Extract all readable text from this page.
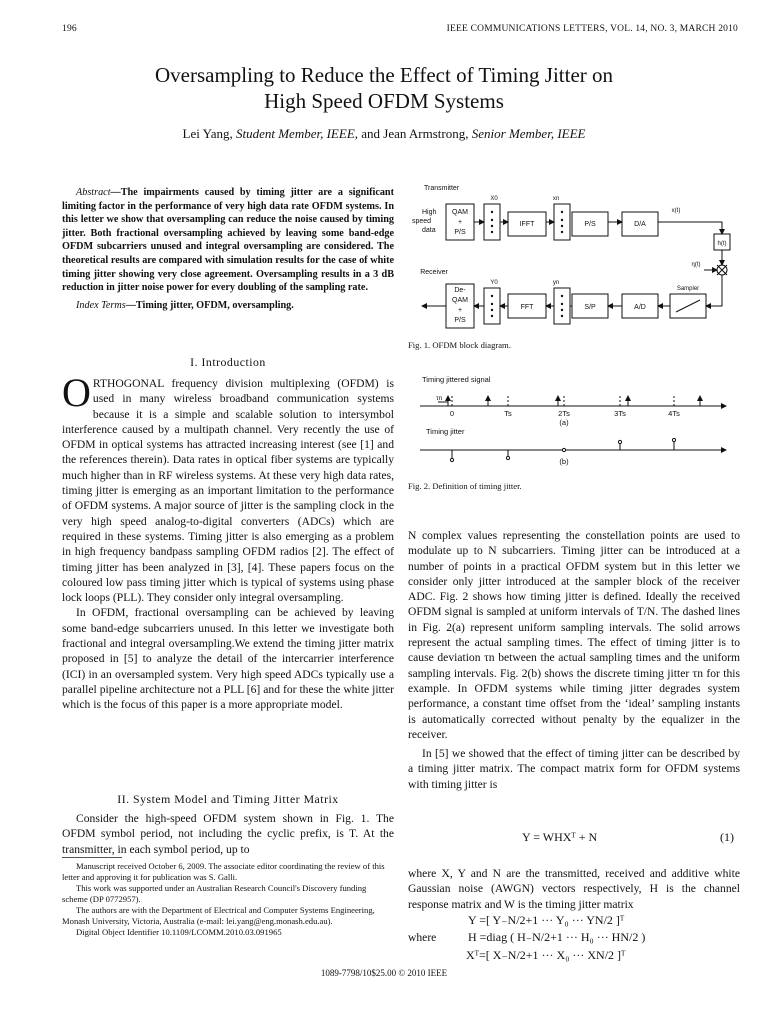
196	IEEE COMMUNICATIONS LETTERS, VOL. 14, NO. 3, MARCH 2010
Oversampling to Reduce the Effect of Timing Jitter on
High Speed OFDM Systems
Lei Yang, Student Member, IEEE, and Jean Armstrong, Senior Member, IEEE
Abstract—The impairments caused by timing jitter are a significant limiting factor in the performance of very high data rate OFDM systems. In this letter we show that oversampling can reduce the noise caused by timing jitter. Both fractional oversampling achieved by leaving some band-edge OFDM subcarriers unused and integral oversampling are considered. The theoretical results are compared with simulation results for the case of white timing jitter showing very close agreement. Oversampling results in a 3 dB reduction in jitter noise power for every doubling of the sampling rate.
Index Terms—Timing jitter, OFDM, oversampling.
I. Introduction
ORTHOGONAL frequency division multiplexing (OFDM) is used in many wireless broadband communication systems because it is a simple and scalable solution to intersymbol interference caused by a multipath channel. Very recently the use of OFDM in optical systems has attracted increasing interest (see [1] and the references therein). Data rates in optical fiber systems are typically much higher than in RF wireless systems. At these very high data rates, timing jitter is emerging as an important limitation to the performance of OFDM systems. A major source of jitter is the sampling clock in the very high speed analog-to-digital converters (ADCs) which are required in these systems. Timing jitter is also emerging as a problem in high frequency bandpass sampling OFDM radios [2]. The effect of timing jitter has been analyzed in [3], [4]. These papers focus on the coloured low pass timing jitter which is typical of systems using phase lock loops (PLL). They consider only integral oversampling.
In OFDM, fractional oversampling can be achieved by leaving some band-edge subcarriers unused. In this letter we investigate both fractional and integral oversampling.We extend the timing jitter matrix proposed in [5] to analyze the detail of the intercarrier interference (ICI) in an oversampled system. Very high speed ADCs typically use a parallel pipeline architecture not a PLL [6] and for these the white jitter which is the focus of this paper is a more appropriate model.
II. System Model and Timing Jitter Matrix
Consider the high-speed OFDM system shown in Fig. 1. The OFDM symbol period, not including the cyclic prefix, is T. At the transmitter, in each symbol period, up to
Manuscript received October 6, 2009. The associate editor coordinating the review of this letter and approving it for publication was S. Galli.
This work was supported under an Australian Research Council's Discovery funding scheme (DP 0772957).
The authors are with the Department of Electrical and Computer Systems Engineering, Monash University, Victoria, Australia (e-mail: lei.yang@eng.monash.edu.au).
Digital Object Identifier 10.1109/LCOMM.2010.03.091965
Transmitter
High
speed
data
QAM
+
P/S
IFFT	P/S	D/A
h(t)
x(t)
η(t)
X0	xn
Y0	yn
De-
QAM
+
P/S
FFT	S/P	A/D
Sampler
Receiver
Fig. 1. OFDM block diagram.
Timing jittered signal
Timing jitter
τn
0	Ts	2Ts	3Ts	4Ts
(a)
(b)
Fig. 2. Definition of timing jitter.
N complex values representing the constellation points are used to modulate up to N subcarriers. Timing jitter can be introduced at a number of points in a practical OFDM system but in this letter we consider only jitter introduced at the sampler block of the receiver ADC. Fig. 2 shows how timing jitter is defined. Ideally the received OFDM signal is sampled at uniform intervals of T/N. The dashed lines in Fig. 2(a) represent uniform sampling intervals. The solid arrows represent the actual sampling times. The effect of timing jitter is to cause deviation τn between the actual sampling times and the uniform sampling intervals. Fig. 2(b) shows the discrete timing jitter τn for this example. In OFDM systems while timing jitter degrades system performance, a constant time offset from the ‘ideal’ sampling instants is automatically corrected without penalty by the equalizer in the receiver.
In [5] we showed that the effect of timing jitter can be described by a timing jitter matrix. The compact matrix form for OFDM systems with timing jitter is
Y = WHXᵀ + N	(1)
where X, Y and N are the transmitted, received and additive white Gaussian noise (AWGN) vectors respectively, H is the channel response matrix and W is the timing jitter matrix
Y =[ Y₋N/2+1 ··· Y₀ ··· YN/2 ]ᵀ
where	H =diag ( H₋N/2+1 ··· H₀ ··· HN/2 )
Xᵀ=[ X₋N/2+1 ··· X₀ ··· XN/2 ]ᵀ
1089-7798/10$25.00 © 2010 IEEE
